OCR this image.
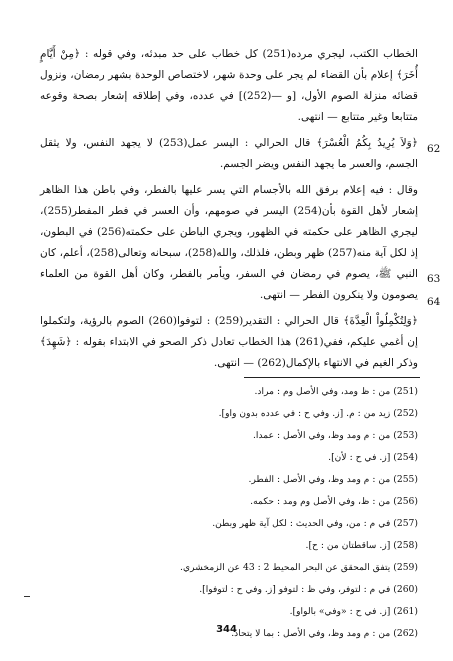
الخطاب الكتب، ليجري مرده(251) كل خطاب على حد مبدئه، وفي قوله : ﴿مِنْ أَيَّامٍ أُخَرَ﴾ إعلام بأن القضاء لم يجر على وحدة شهر، لاختصاص الوحدة بشهر رمضان، ونزول قضائه منزلة الصوم الأول، [و —(252)] في عدده، وفي إطلاقه إشعار بصحة وقوعه متتابعا وغير متتابع — انتهى.

﴿وَلاَ يُرِيدُ بِكُمُ الْعُسْرَ﴾ قال الحرالي : اليسر عمل(253) لا يجهد النفس، ولا يثقل الجسم، والعسر ما يجهد النفس ويضر الجسم.

وقال : فيه إعلام برفق الله بالأجسام التي يسر عليها بالفطر، وفي باطن هذا الظاهر إشعار لأهل القوة بأن(254) اليسر في صومهم، وأن العسر في فطر المفطر(255)، ليجري الظاهر على حكمته في الظهور، ويجري الباطن على حكمته(256) في البطون، إذ لكل آية منه(257) ظهر وبطن، فلذلك، والله(258)، سبحانه وتعالى(258)، أعلم، كان النبي ﷺ، يصوم في رمضان في السفر، ويأمر بالفطر، وكان أهل القوة من العلماء يصومون ولا ينكرون الفطر — انتهى.

﴿وَلِتُكْمِلُواْ الْعِدَّةَ﴾ قال الحرالي : التقدير(259) : لتوفوا(260) الصوم بالرؤية، ولتكملوا إن أغمي عليكم، ففي(261) هذا الخطاب تعادل ذكر الصحو في الابتداء بقوله : ﴿شَهِدَ﴾ وذكر الغيم في الانتهاء بالإكمال(262) — انتهى.

62
63
64
(251) من : ظ ومد، وفي الأصل وم : مراد.
(252) زيد من : م. [ز. وفي ح : في عدده بدون واو].
(253) من : م ومد وظ، وفي الأصل : عمدا.
(254) [ز. في ح : لأن].
(255) من : م ومد وظ، وفي الأصل : الفطر.
(256) من : ظ، وفي الأصل وم ومد : حكمه.
(257) في م : من، وفي الحديث : لكل آية ظهر وبطن.
(258) [ز. ساقطتان من : ح].
(259) يتفق المحقق عن البحر المحيط 2 : 43 عن الزمخشري.
(260) في م : لتوفر، وفي ظ : لتوفو [ز. وفي ح : لتوفوا].
(261) [ز. في ح : «وفي» بالواو].
(262) من : م ومد وظ، وفي الأصل : بما لا يتحاد.
344
